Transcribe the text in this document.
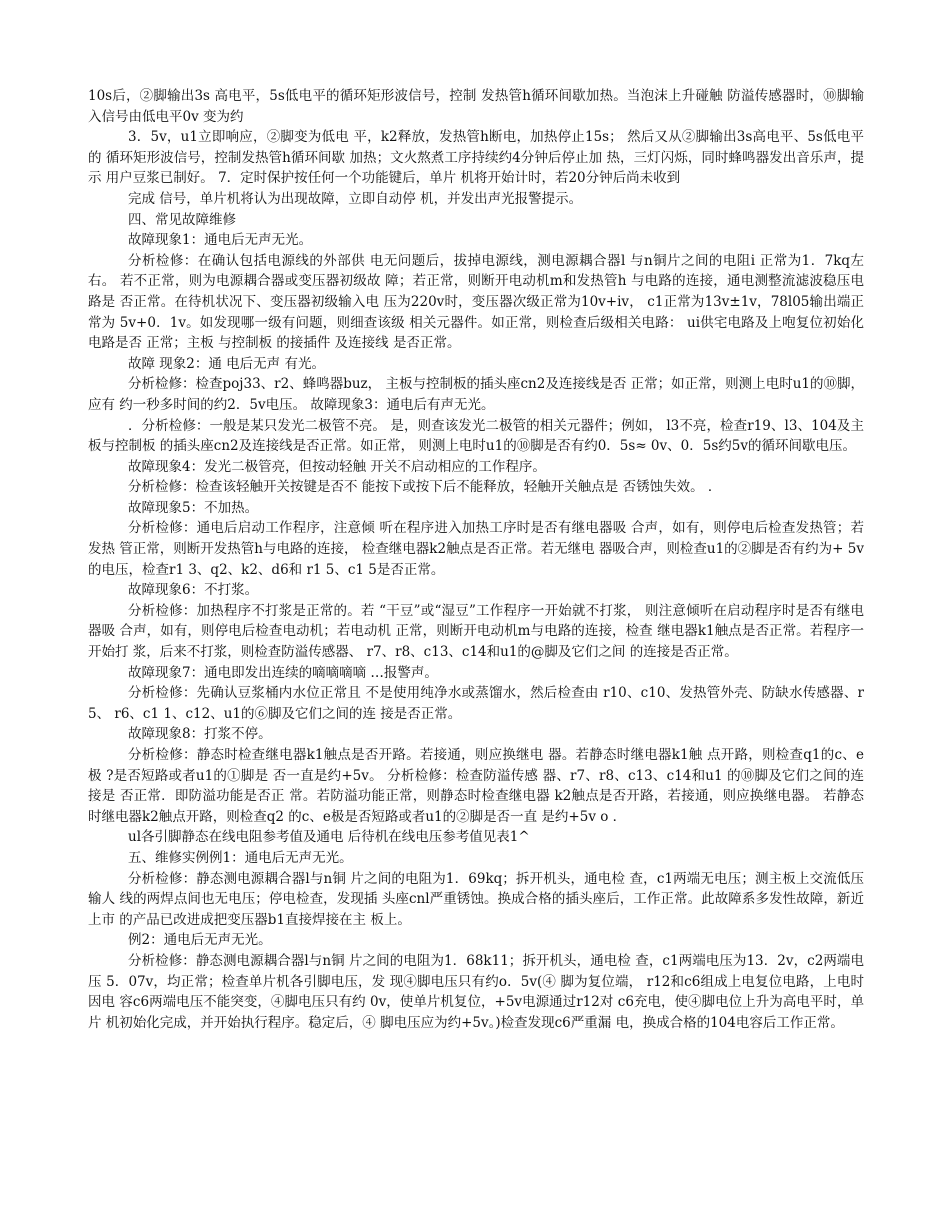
10s后，②脚输出3s 高电平，5s低电平的循环矩形波信号，控制 发热管h循环间歇加热。当泡沫上升碰触 防溢传感器时，⑩脚输入信号由低电平0v 变为约

3．5v，u1立即响应，②脚变为低电 平，k2释放，发热管h断电，加热停止15s； 然后又从②脚输出3s高电平、5s低电平的 循环矩形波信号，控制发热管h循环间歇 加热；文火熬煮工序持续约4分钟后停止加 热，三灯闪烁，同时蜂鸣器发出音乐声，提示 用户豆浆已制好。 7．定时保护按任何一个功能键后，单片 机将开始计时，若20分钟后尚未收到

完成 信号，单片机将认为出现故障，立即自动停 机，并发出声光报警提示。

四、常见故障维修

故障现象1：通电后无声无光。

分析检修：在确认包括电源线的外部供 电无问题后，拔掉电源线，测电源耦合器l 与n铜片之间的电阻i 正常为1．7kq左右。 若不正常，则为电源耦合器或变压器初级故 障；若正常，则断开电动机m和发热管h 与电路的连接，通电测整流滤波稳压电路是 否正常。在待机状况下、变压器初级输入电 压为220v时，变压器次级正常为10v+iv， c1正常为13v±1v，78l05输出端正常为 5v+0．1v。如发现哪一级有问题，则细查该级 相关元器件。如正常，则检查后级相关电路： ui供宅电路及上咆复位初始化电路是否 正常；主板 与控制板 的接插件 及连接线 是否正常。

故障 现象2：通 电后无声 有光。

分析检修：检查poj33、r2、蜂鸣器buz， 主板与控制板的插头座cn2及连接线是否 正常；如正常，则测上电时u1的⑩脚，应有 约一秒多时间的约2．5v电压。 故障现象3：通电后有声无光。

．分析检修：一般是某只发光二极管不亮。 是，则查该发光二极管的相关元器件；例如， l3不亮，检查r19、l3、104及主板与控制板 的插头座cn2及连接线是否正常。如正常， 则测上电时u1的⑩脚是否有约0．5s≈ 0v、0．5s约5v的循环间歇电压。

故障现象4：发光二极管亮，但按动轻触 开关不启动相应的工作程序。

分析检修：检查该轻触开关按键是否不 能按下或按下后不能释放，轻触开关触点是 否锈蚀失效。 ．

故障现象5：不加热。

分析检修：通电后启动工作程序，注意倾 听在程序进入加热工序时是否有继电器吸 合声，如有，则停电后检查发热管；若发热 管正常，则断开发热管h与电路的连接， 检查继电器k2触点是否正常。若无继电 器吸合声，则检查u1的②脚是否有约为+ 5v的电压，检查r1 3、q2、k2、d6和 r1 5、c1 5是否正常。

故障现象6：不打浆。

分析检修：加热程序不打浆是正常的。若 “干豆”或“湿豆”工作程序一开始就不打浆， 则注意倾听在启动程序时是否有继电器吸 合声，如有，则停电后检查电动机；若电动机 正常，则断开电动机m与电路的连接，检查 继电器k1触点是否正常。若程序一开始打 浆，后来不打浆，则检查防溢传感器、 r7、r8、c13、c14和u1的@脚及它们之间 的连接是否正常。

故障现象7：通电即发出连续的嘀嘀嘀嘀 …报警声。

分析检修：先确认豆浆桶内水位正常且 不是使用纯净水或蒸馏水，然后检查由 r10、c10、发热管外壳、防缺水传感器、r5、 r6、c1 1、c12、u1的⑥脚及它们之间的连 接是否正常。

故障现象8：打浆不停。

分析检修：静态时检查继电器k1触点是否开路。若接通，则应换继电 器。若静态时继电器k1触 点开路，则检查q1的c、e极 ?是否短路或者u1的①脚是 否一直是约+5v。 分析检修：检查防溢传感 器、r7、r8、c13、c14和u1 的⑩脚及它们之间的连接是 否正常．即防溢功能是否正 常。若防溢功能正常，则静态时检查继电器 k2触点是否开路，若接通，则应换继电器。 若静态时继电器k2触点开路，则检查q2 的c、e极是否短路或者u1的②脚是否一直 是约+5v o ．

ul各引脚静态在线电阻参考值及通电 后待机在线电压参考值见表1^

五、维修实例例1：通电后无声无光。

分析检修：静态测电源耦合器l与n铜 片之间的电阻为1．69kq；拆开机头，通电检 查，c1两端无电压；测主板上交流低压输人 线的两焊点间也无电压；停电检查，发现插 头座cnl严重锈蚀。换成合格的插头座后，工作正常。此故障系多发性故障，新近上市 的产品已改进成把变压器b1直接焊接在主 板上。

例2：通电后无声无光。

分析检修：静态测电源耦合器l与n铜 片之间的电阻为1．68k11；拆开机头，通电检 查，c1两端电压为13．2v，c2两端电压 5．07v，均正常；检查单片机各引脚电压，发 现④脚电压只有约o．5v(④ 脚为复位端， r12和c6组成上电复位电路，上电时因电 容c6两端电压不能突变，④脚电压只有约 0v，使单片机复位，+5v电源通过r12对 c6充电，使④脚电位上升为高电平时，单片 机初始化完成，并开始执行程序。稳定后，④ 脚电压应为约+5v。)检查发现c6严重漏 电，换成合格的104电容后工作正常。
